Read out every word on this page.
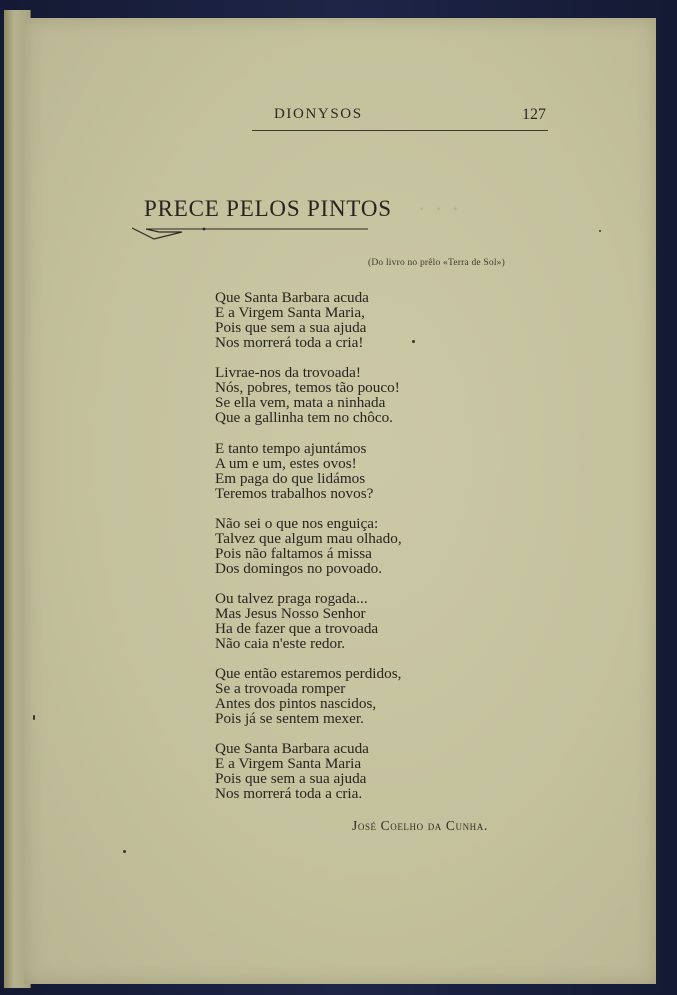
DIONYSOS	127
· · ·
PRECE PELOS PINTOS
(Do livro no prêlo «Terra de Sol»)
Que Santa Barbara acuda
E a Virgem Santa Maria,
Pois que sem a sua ajuda
Nos morrerá toda a cria!
Livrae-nos da trovoada!
Nós, pobres, temos tão pouco!
Se ella vem, mata a ninhada
Que a gallinha tem no chôco.
E tanto tempo ajuntámos
A um e um, estes ovos!
Em paga do que lidámos
Teremos trabalhos novos?
Não sei o que nos enguiça:
Talvez que algum mau olhado,
Pois não faltamos á missa
Dos domingos no povoado.
Ou talvez praga rogada...
Mas Jesus Nosso Senhor
Ha de fazer que a trovoada
Não caia n'este redor.
Que então estaremos perdidos,
Se a trovoada romper
Antes dos pintos nascidos,
Pois já se sentem mexer.
Que Santa Barbara acuda
E a Virgem Santa Maria
Pois que sem a sua ajuda
Nos morrerá toda a cria.
José Coelho da Cunha.
